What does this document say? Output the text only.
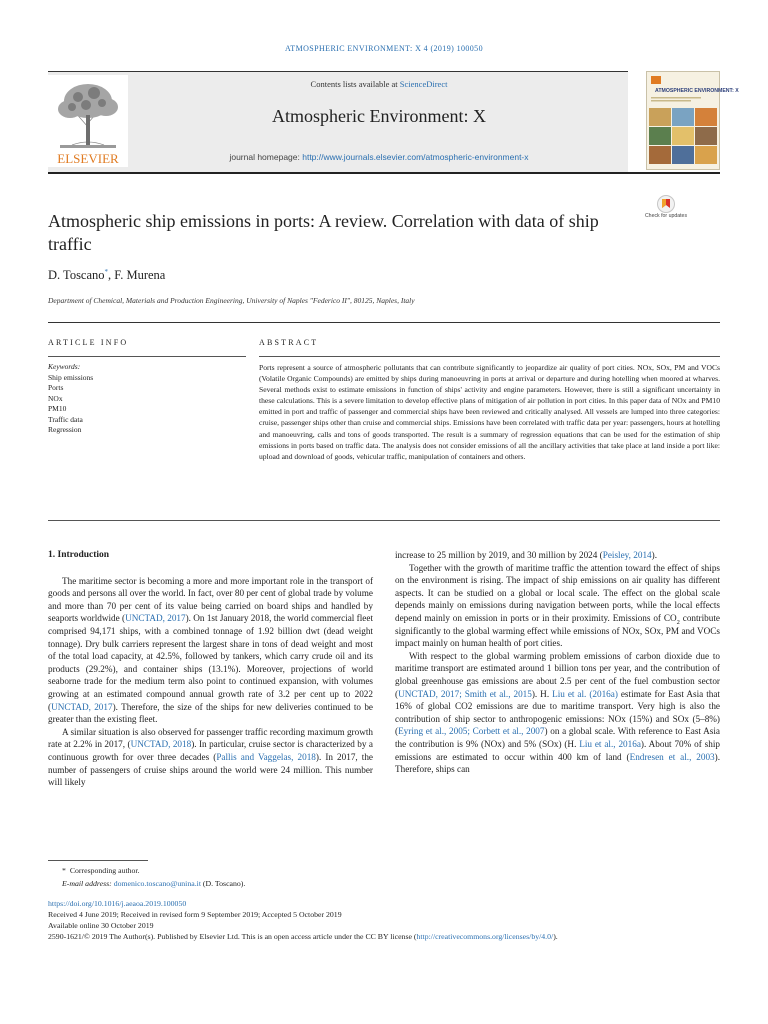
ATMOSPHERIC ENVIRONMENT: X 4 (2019) 100050
ELSEVIER
Contents lists available at ScienceDirect
Atmospheric Environment: X
journal homepage: http://www.journals.elsevier.com/atmospheric-environment-x
ATMOSPHERIC ENVIRONMENT: X
Atmospheric ship emissions in ports: A review. Correlation with data of ship traffic
Check for updates
D. Toscano*, F. Murena
Department of Chemical, Materials and Production Engineering, University of Naples "Federico II", 80125, Naples, Italy
ARTICLE INFO	ABSTRACT
Keywords:
Ship emissions
Ports
NOx
PM10
Traffic data
Regression
Ports represent a source of atmospheric pollutants that can contribute significantly to jeopardize air quality of port cities. NOx, SOx, PM and VOCs (Volatile Organic Compounds) are emitted by ships during manoeuvring in ports at arrival or departure and during hotelling when moored at wharves. Several methods exist to estimate emissions in function of ships' activity and engine parameters. However, there is still a significant uncertainty in these calculations. This is a severe limitation to develop effective plans of mitigation of air pollution in port cities. In this paper data of NOx and PM10 emitted in port and traffic of passenger and commercial ships have been reviewed and critically analysed. All vessels are lumped into three categories: cruise, passenger ships other than cruise and commercial ships. Emissions have been correlated with traffic data per year: passengers, hours at hotelling and manoeuvring, calls and tons of goods transported. The result is a summary of regression equations that can be used for the estimation of ship emissions in ports based on traffic data. The analysis does not consider emissions of all the ancillary activities that take place at land inside a port like: upload and download of goods, vehicular traffic, manipulation of containers and others.

1. Introduction

The maritime sector is becoming a more and more important role in the transport of goods and persons all over the world. In fact, over 80 per cent of global trade by volume and more than 70 per cent of its value being carried on board ships and handled by seaports worldwide (UNCTAD, 2017). On 1st January 2018, the world commercial fleet comprised 94,171 ships, with a combined tonnage of 1.92 billion dwt (dead weight tonnage). Dry bulk carriers represent the largest share in tons of dead weight and most of the total load capacity, at 42.5%, followed by tankers, which carry crude oil and its products (29.2%), and container ships (13.1%). Moreover, projections of world seaborne trade for the medium term also point to continued expansion, with volumes growing at an estimated compound annual growth rate of 3.2 per cent up to 2022 (UNCTAD, 2017). Therefore, the size of the ships for new deliveries continued to be greater than the existing fleet.

A similar situation is also observed for passenger traffic recording maximum growth rate at 2.2% in 2017, (UNCTAD, 2018). In particular, cruise sector is characterized by a continuous growth for over three decades (Pallis and Vaggelas, 2018). In 2017, the number of passengers of cruise ships around the world were 24 million. This number will likely

increase to 25 million by 2019, and 30 million by 2024 (Peisley, 2014).

Together with the growth of maritime traffic the attention toward the effect of ships on the environment is rising. The impact of ship emissions on air quality has different aspects. It can be studied on a global or local scale. The effect on the global scale depends mainly on emissions during navigation between ports, while the local effects depend mainly on emission in ports or in their proximity. Emissions of $CO_2$ contribute significantly to the global warming effect while emissions of NOx, SOx, PM and VOCs impact mainly on human health of port cities.

With respect to the global warming problem emissions of carbon dioxide due to maritime transport are estimated around 1 billion tons per year, and the contribution of global greenhouse gas emissions are about 2.5 per cent of the fuel combustion sector (UNCTAD, 2017; Smith et al., 2015). H. Liu et al. (2016a) estimate for East Asia that 16% of global CO2 emissions are due to maritime transport. Very high is also the contribution of ship sector to anthropogenic emissions: NOx (15%) and SOx (5–8%) (Eyring et al., 2005; Corbett et al., 2007) on a global scale. With reference to East Asia the contribution is 9% (NOx) and 5% (SOx) (H. Liu et al., 2016a). About 70% of ship emissions are estimated to occur within 400 km of land (Endresen et al., 2003). Therefore, ships can

* Corresponding author.
E-mail address: domenico.toscano@unina.it (D. Toscano).
https://doi.org/10.1016/j.aeaoa.2019.100050
Received 4 June 2019; Received in revised form 9 September 2019; Accepted 5 October 2019
Available online 30 October 2019
2590-1621/© 2019 The Author(s). Published by Elsevier Ltd. This is an open access article under the CC BY license (http://creativecommons.org/licenses/by/4.0/).
